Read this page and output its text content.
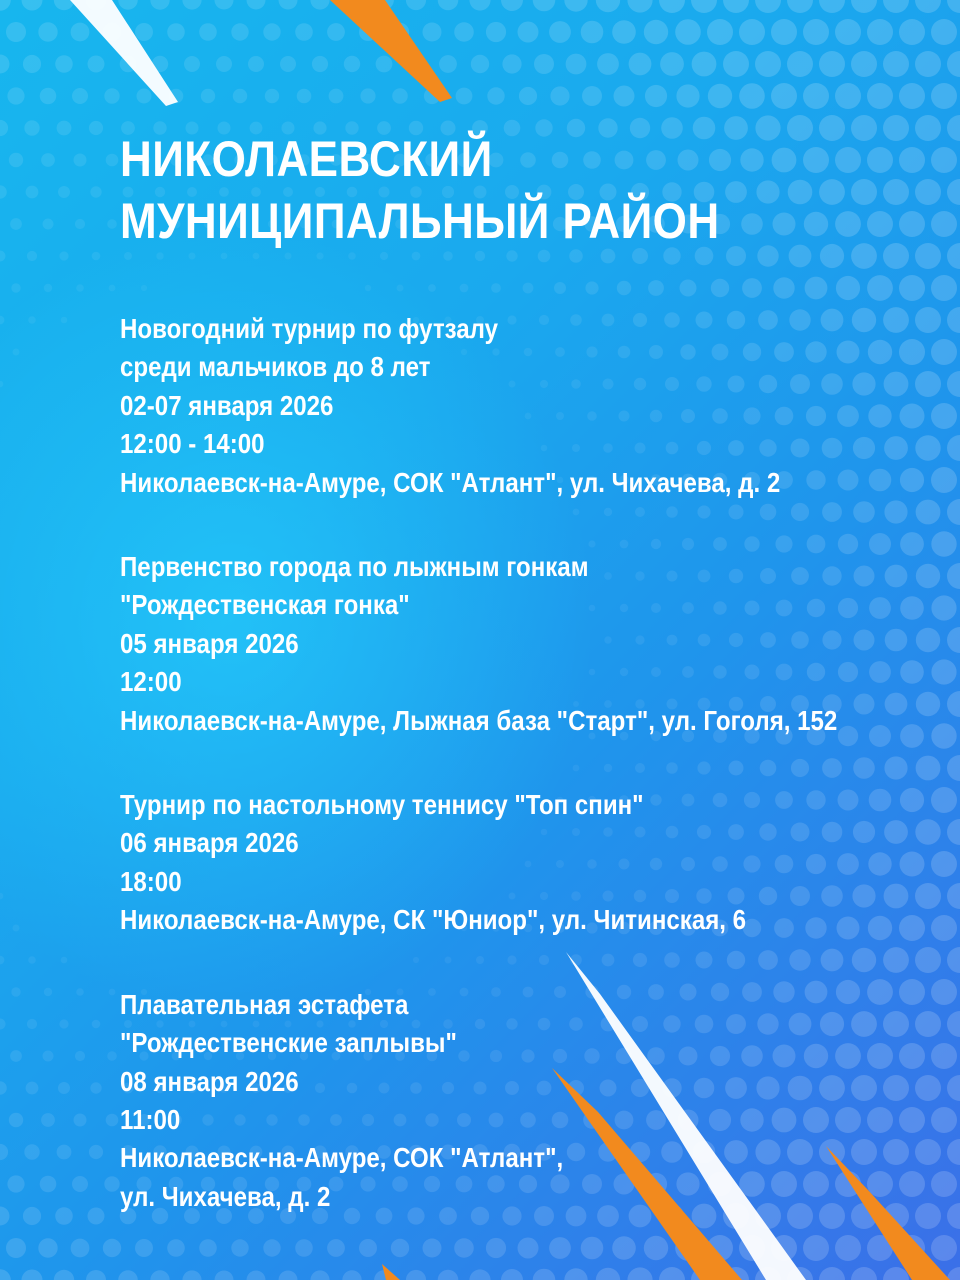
НИКОЛАЕВСКИЙ
МУНИЦИПАЛЬНЫЙ РАЙОН
Новогодний турнир по футзалу
среди мальчиков до 8 лет
02-07 января 2026
12:00 - 14:00
Николаевск-на-Амуре, СОК "Атлант", ул. Чихачева, д. 2
Первенство города по лыжным гонкам
"Рождественская гонка"
05 января 2026
12:00
Николаевск-на-Амуре, Лыжная база "Старт", ул. Гоголя, 152
Турнир по настольному теннису "Топ спин"
06 января 2026
18:00
Николаевск-на-Амуре, СК "Юниор", ул. Читинская, 6
Плавательная эстафета
"Рождественские заплывы"
08 января 2026
11:00
Николаевск-на-Амуре, СОК "Атлант",
ул. Чихачева, д. 2
